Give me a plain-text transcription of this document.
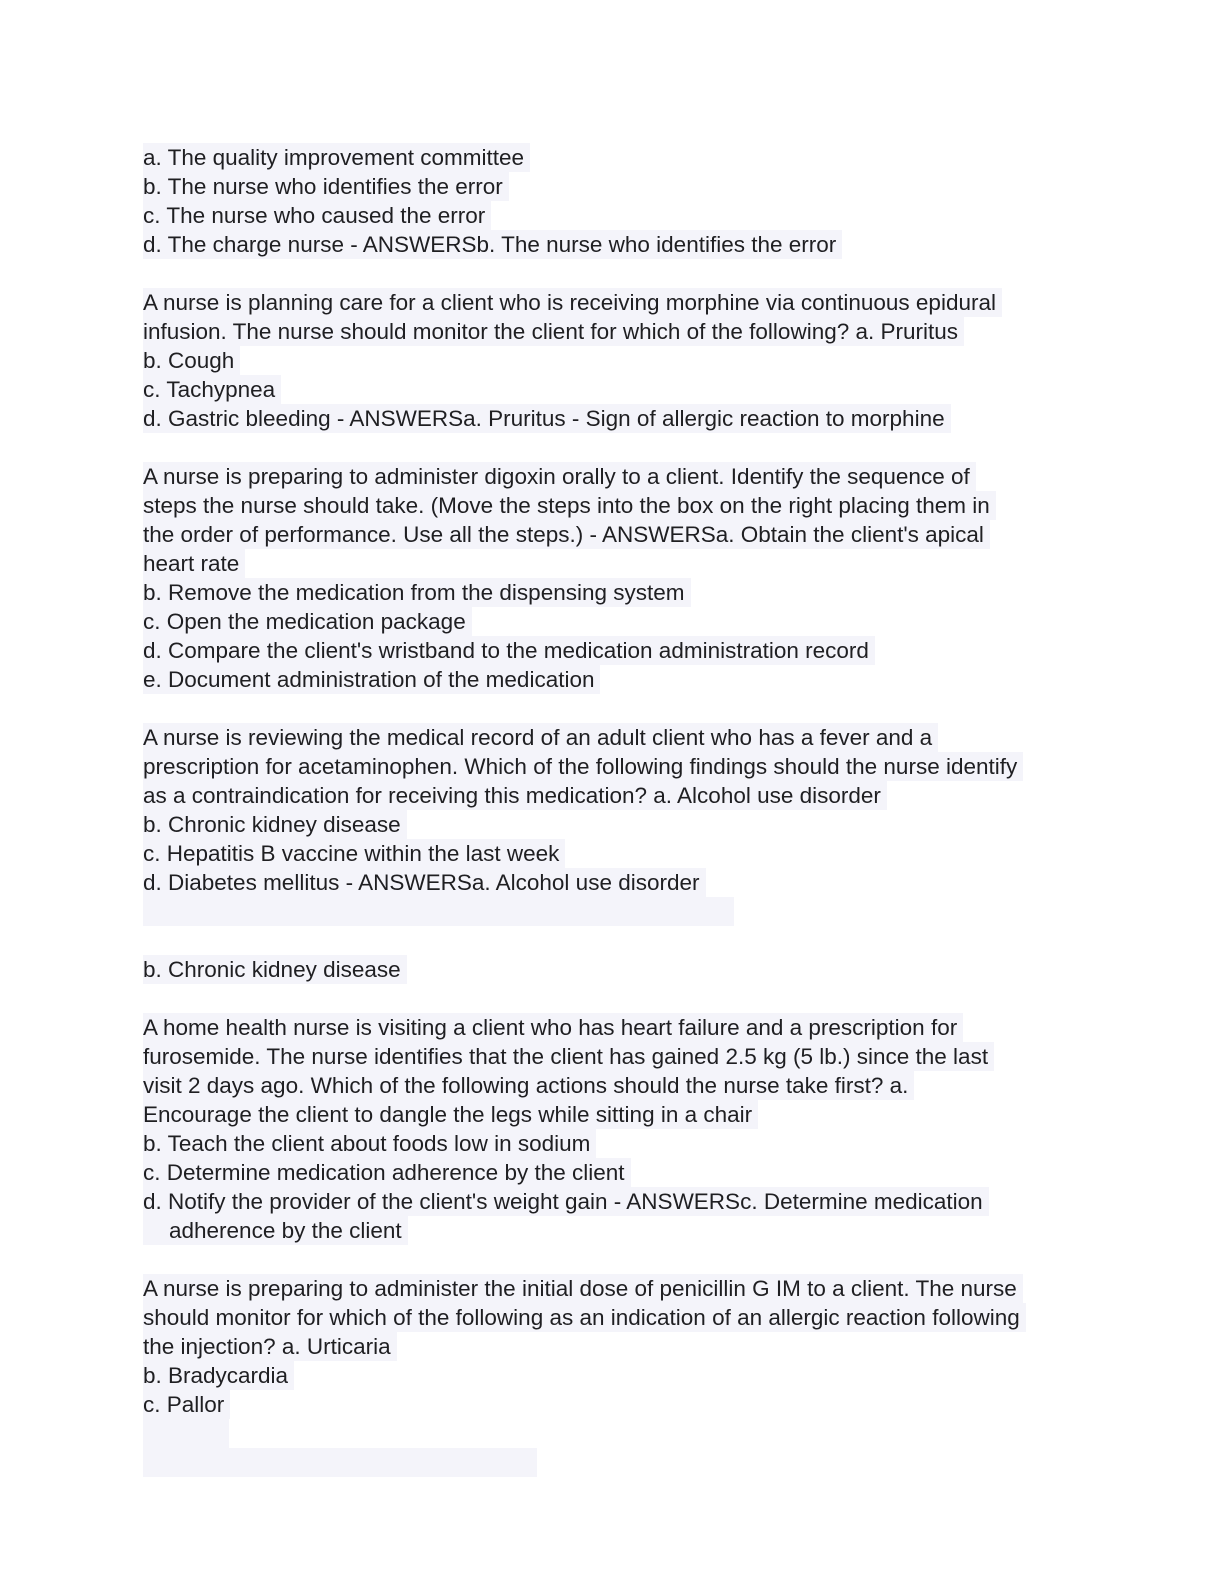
a. The quality improvement committee
b. The nurse who identifies the error
c. The nurse who caused the error
d. The charge nurse - ANSWERSb. The nurse who identifies the error
A nurse is planning care for a client who is receiving morphine via continuous epidural
infusion. The nurse should monitor the client for which of the following? a. Pruritus
b. Cough
c. Tachypnea
d. Gastric bleeding - ANSWERSa. Pruritus - Sign of allergic reaction to morphine
A nurse is preparing to administer digoxin orally to a client. Identify the sequence of
steps the nurse should take. (Move the steps into the box on the right placing them in
the order of performance. Use all the steps.) - ANSWERSa. Obtain the client's apical
heart rate
b. Remove the medication from the dispensing system
c. Open the medication package
d. Compare the client's wristband to the medication administration record
e. Document administration of the medication
A nurse is reviewing the medical record of an adult client who has a fever and a
prescription for acetaminophen. Which of the following findings should the nurse identify
as a contraindication for receiving this medication? a. Alcohol use disorder
b. Chronic kidney disease
c. Hepatitis B vaccine within the last week
d. Diabetes mellitus - ANSWERSa. Alcohol use disorder
b. Chronic kidney disease
A home health nurse is visiting a client who has heart failure and a prescription for
furosemide. The nurse identifies that the client has gained 2.5 kg (5 lb.) since the last
visit 2 days ago. Which of the following actions should the nurse take first? a.
Encourage the client to dangle the legs while sitting in a chair
b. Teach the client about foods low in sodium
c. Determine medication adherence by the client
d. Notify the provider of the client's weight gain - ANSWERSc. Determine medication
adherence by the client
A nurse is preparing to administer the initial dose of penicillin G IM to a client. The nurse
should monitor for which of the following as an indication of an allergic reaction following
the injection? a. Urticaria
b. Bradycardia
c. Pallor
